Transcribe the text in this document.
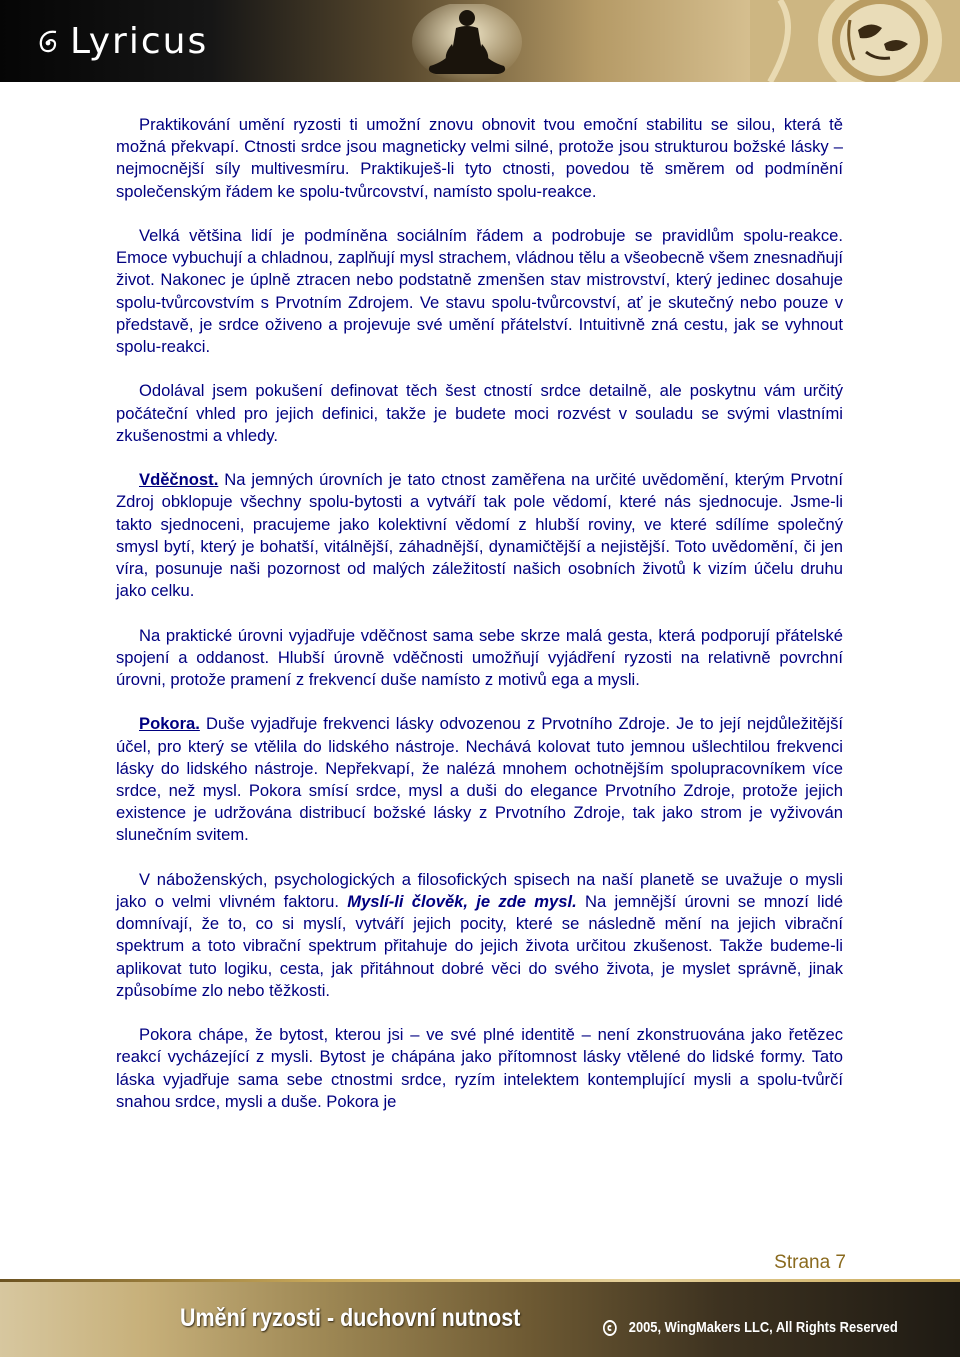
Lyricus

Praktikování umění ryzosti ti umožní znovu obnovit tvou emoční stabilitu se silou, která tě možná překvapí. Ctnosti srdce jsou magneticky velmi silné, protože jsou strukturou božské lásky – nejmocnější síly multivesmíru. Praktikuješ-li tyto ctnosti, povedou tě směrem od podmínění společenským řádem ke spolu-tvůrcovství, namísto spolu-reakce.

Velká většina lidí je podmíněna sociálním řádem a podrobuje se pravidlům spolu-reakce. Emoce vybuchují a chladnou, zaplňují mysl strachem, vládnou tělu a všeobecně všem znesnadňují život. Nakonec je úplně ztracen nebo podstatně zmenšen stav mistrovství, který jedinec dosahuje spolu-tvůrcovstvím s Prvotním Zdrojem. Ve stavu spolu-tvůrcovství, ať je skutečný nebo pouze v představě, je srdce oživeno a projevuje své umění přátelství. Intuitivně zná cestu, jak se vyhnout spolu-reakci.

Odolával jsem pokušení definovat těch šest ctností srdce detailně, ale poskytnu vám určitý počáteční vhled pro jejich definici, takže je budete moci rozvést v souladu se svými vlastními zkušenostmi a vhledy.

Vděčnost. Na jemných úrovních je tato ctnost zaměřena na určité uvědomění, kterým Prvotní Zdroj obklopuje všechny spolu-bytosti a vytváří tak pole vědomí, které nás sjednocuje. Jsme-li takto sjednoceni, pracujeme jako kolektivní vědomí z hlubší roviny, ve které sdílíme společný smysl bytí, který je bohatší, vitálnější, záhadnější, dynamičtější a nejistější. Toto uvědomění, či jen víra, posunuje naši pozornost od malých záležitostí našich osobních životů k vizím účelu druhu jako celku.

Na praktické úrovni vyjadřuje vděčnost sama sebe skrze malá gesta, která podporují přátelské spojení a oddanost. Hlubší úrovně vděčnosti umožňují vyjádření ryzosti na relativně povrchní úrovni, protože pramení z frekvencí duše namísto z motivů ega a mysli.

Pokora. Duše vyjadřuje frekvenci lásky odvozenou z Prvotního Zdroje. Je to její nejdůležitější účel, pro který se vtělila do lidského nástroje. Nechává kolovat tuto jemnou ušlechtilou frekvenci lásky do lidského nástroje. Nepřekvapí, že nalézá mnohem ochotnějším spolupracovníkem více srdce, než mysl. Pokora smísí srdce, mysl a duši do elegance Prvotního Zdroje, protože jejich existence je udržována distribucí božské lásky z Prvotního Zdroje, tak jako strom je vyživován slunečním svitem.

V náboženských, psychologických a filosofických spisech na naší planetě se uvažuje o mysli jako o velmi vlivném faktoru. Myslí-li člověk, je zde mysl. Na jemnější úrovni se mnozí lidé domnívají, že to, co si myslí, vytváří jejich pocity, které se následně mění na jejich vibrační spektrum a toto vibrační spektrum přitahuje do jejich života určitou zkušenost. Takže budeme-li aplikovat tuto logiku, cesta, jak přitáhnout dobré věci do svého života, je myslet správně, jinak způsobíme zlo nebo těžkosti.

Pokora chápe, že bytost, kterou jsi – ve své plné identitě – není zkonstruována jako řetězec reakcí vycházející z mysli. Bytost je chápána jako přítomnost lásky vtělené do lidské formy. Tato láska vyjadřuje sama sebe ctnostmi srdce, ryzím intelektem kontemplující mysli a spolu-tvůrčí snahou srdce, mysli a duše. Pokora je

Strana 7
Umění ryzosti - duchovní nutnost	2005, WingMakers LLC, All Rights Reserved
